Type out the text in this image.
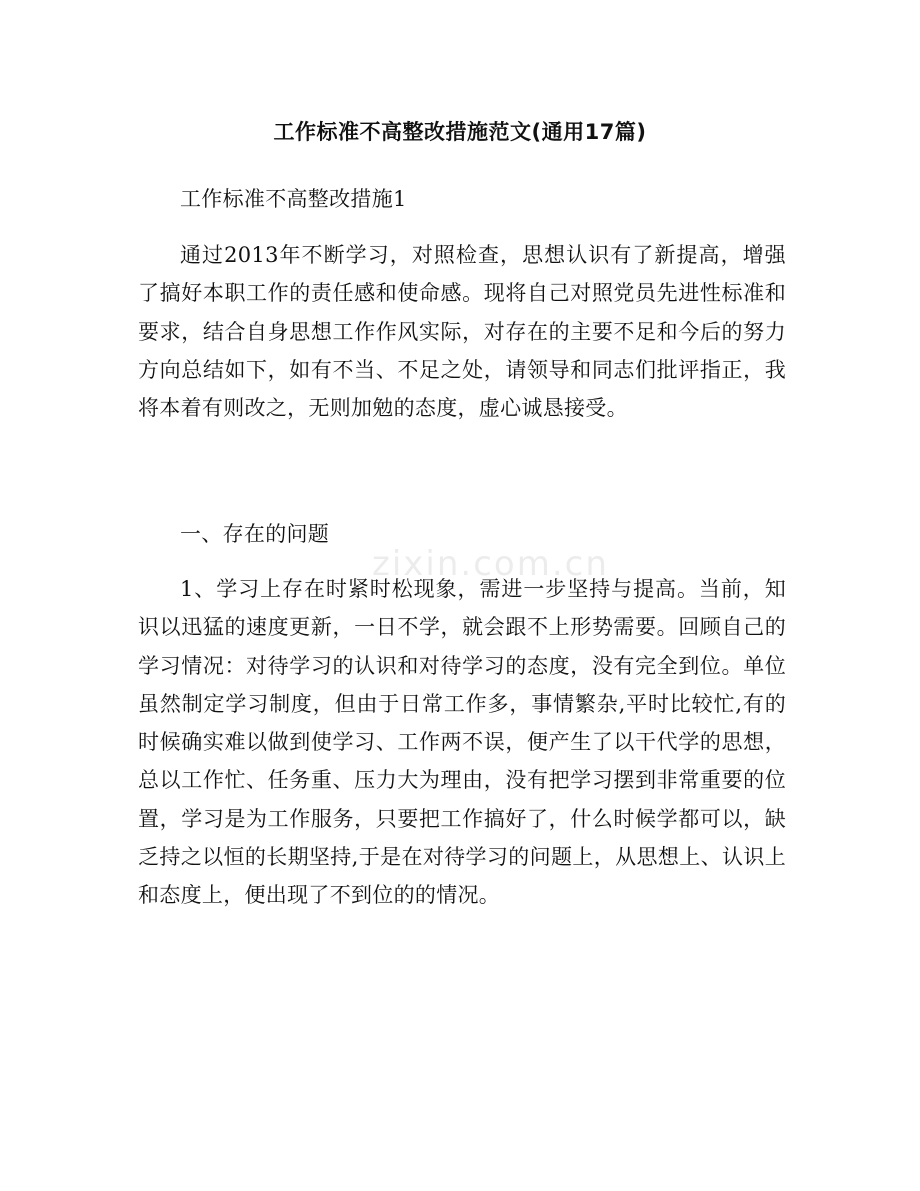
工作标准不高整改措施范文(通用17篇)

工作标准不高整改措施1

通过2013年不断学习，对照检查，思想认识有了新提高，增强了搞好本职工作的责任感和使命感。现将自己对照党员先进性标准和要求，结合自身思想工作作风实际，对存在的主要不足和今后的努力方向总结如下，如有不当、不足之处，请领导和同志们批评指正，我将本着有则改之，无则加勉的态度，虚心诚恳接受。

一、存在的问题

1、学习上存在时紧时松现象，需进一步坚持与提高。当前，知识以迅猛的速度更新，一日不学，就会跟不上形势需要。回顾自己的学习情况：对待学习的认识和对待学习的态度，没有完全到位。单位虽然制定学习制度，但由于日常工作多，事情繁杂,平时比较忙,有的时候确实难以做到使学习、工作两不误，便产生了以干代学的思想，总以工作忙、任务重、压力大为理由，没有把学习摆到非常重要的位置，学习是为工作服务，只要把工作搞好了，什么时候学都可以，缺乏持之以恒的长期坚持,于是在对待学习的问题上，从思想上、认识上和态度上，便出现了不到位的的情况。

zixin.com.cn
